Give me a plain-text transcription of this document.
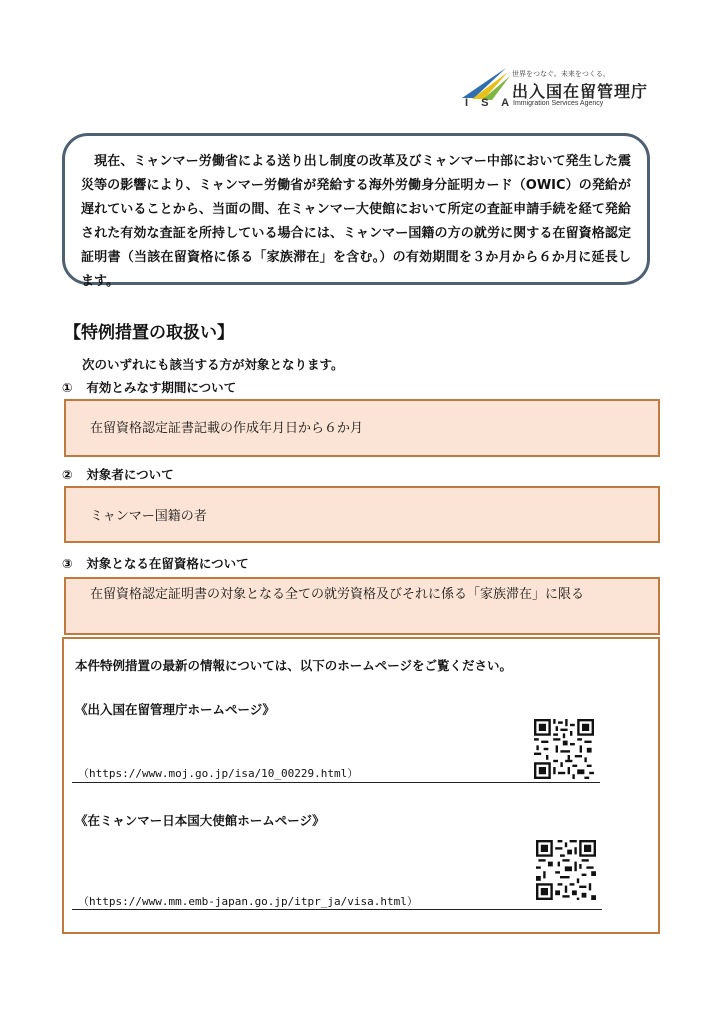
I S A
世界をつなぐ。未来をつくる。
出入国在留管理庁
Immigration Services Agency
　現在、ミャンマー労働省による送り出し制度の改革及びミャンマー中部において発生した震災等の影響により、ミャンマー労働省が発給する海外労働身分証明カード（OWIC）の発給が遅れていることから、当面の間、在ミャンマー大使館において所定の査証申請手続を経て発給された有効な査証を所持している場合には、ミャンマー国籍の方の就労に関する在留資格認定証明書（当該在留資格に係る「家族滞在」を含む。）の有効期間を３か月から６か月に延長します。
【特例措置の取扱い】
次のいずれにも該当する方が対象となります。
① 有効とみなす期間について
在留資格認定証書記載の作成年月日から６か月
② 対象者について
ミャンマー国籍の者
③ 対象となる在留資格について
在留資格認定証明書の対象となる全ての就労資格及びそれに係る「家族滞在」に限る
本件特例措置の最新の情報については、以下のホームページをご覧ください。
《出入国在留管理庁ホームページ》
（https://www.moj.go.jp/isa/10_00229.html）
《在ミャンマー日本国大使館ホームページ》
（https://www.mm.emb-japan.go.jp/itpr_ja/visa.html）
